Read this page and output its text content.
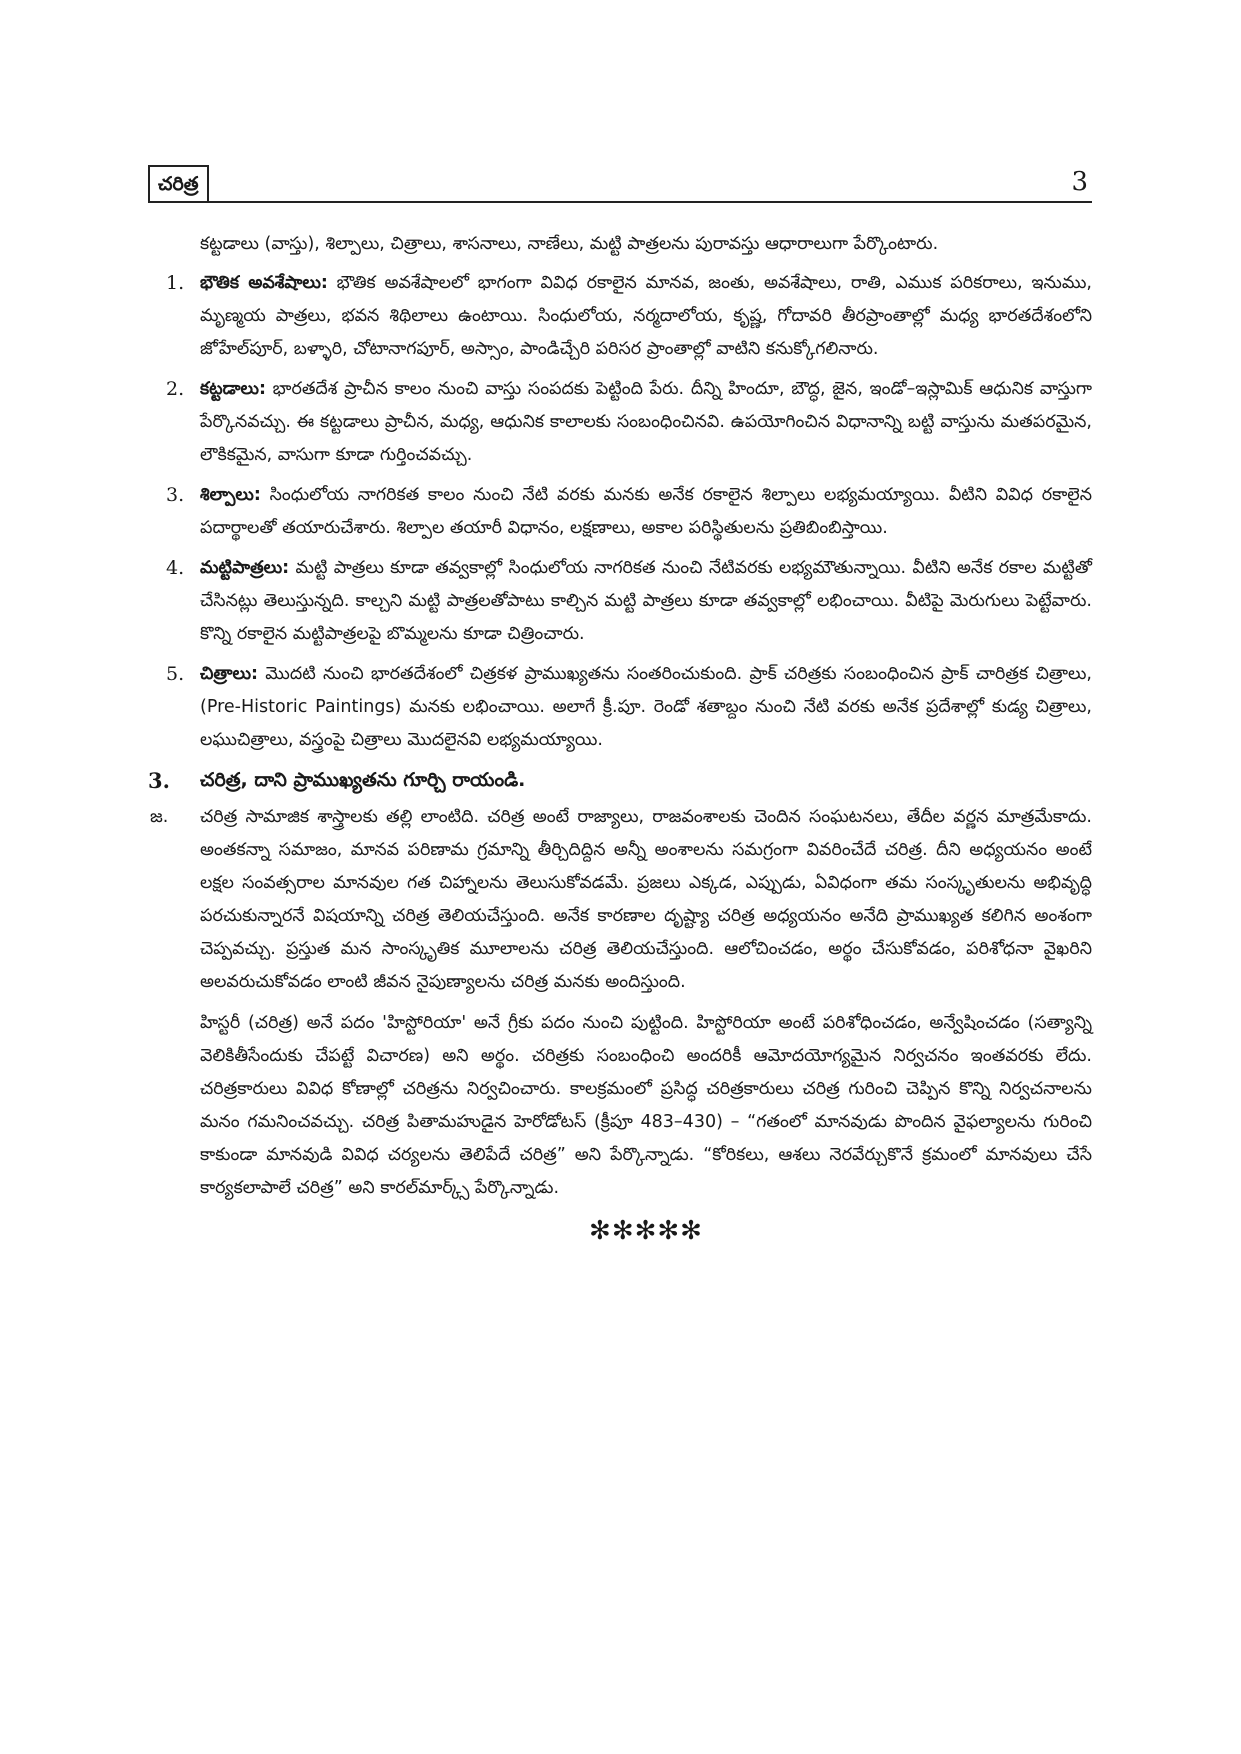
చరిత్ర	3

కట్టడాలు (వాస్తు), శిల్పాలు, చిత్రాలు, శాసనాలు, నాణేలు, మట్టి పాత్రలను పురావస్తు ఆధారాలుగా పేర్కొంటారు.

1. భౌతిక అవశేషాలు: భౌతిక అవశేషాలలో భాగంగా వివిధ రకాలైన మానవ, జంతు, అవశేషాలు, రాతి, ఎముక పరికరాలు, ఇనుము, మృణ్మయ పాత్రలు, భవన శిథిలాలు ఉంటాయి. సింధులోయ, నర్మదాలోయ, కృష్ణ, గోదావరి తీరప్రాంతాల్లో మధ్య భారతదేశంలోని జోహేల్‌పూర్, బళ్ళారి, చోటానాగపూర్, అస్సాం, పాండిచ్చేరి పరిసర ప్రాంతాల్లో వాటిని కనుక్కోగలినారు.

2. కట్టడాలు: భారతదేశ ప్రాచీన కాలం నుంచి వాస్తు సంపదకు పెట్టింది పేరు. దీన్ని హిందూ, బౌద్ధ, జైన, ఇండో–ఇస్లామిక్ ఆధునిక వాస్తుగా పేర్కొనవచ్చు. ఈ కట్టడాలు ప్రాచీన, మధ్య, ఆధునిక కాలాలకు సంబంధించినవి. ఉపయోగించిన విధానాన్ని బట్టి వాస్తును మతపరమైన, లౌకికమైన, వాసుగా కూడా గుర్తించవచ్చు.

3. శిల్పాలు: సింధులోయ నాగరికత కాలం నుంచి నేటి వరకు మనకు అనేక రకాలైన శిల్పాలు లభ్యమయ్యాయి. వీటిని వివిధ రకాలైన పదార్థాలతో తయారుచేశారు. శిల్పాల తయారీ విధానం, లక్షణాలు, అకాల పరిస్థితులను ప్రతిబింబిస్తాయి.

4. మట్టిపాత్రలు: మట్టి పాత్రలు కూడా తవ్వకాల్లో సింధులోయ నాగరికత నుంచి నేటివరకు లభ్యమౌతున్నాయి. వీటిని అనేక రకాల మట్టితో చేసినట్లు తెలుస్తున్నది. కాల్చని మట్టి పాత్రలతోపాటు కాల్చిన మట్టి పాత్రలు కూడా తవ్వకాల్లో లభించాయి. వీటిపై మెరుగులు పెట్టేవారు. కొన్ని రకాలైన మట్టిపాత్రలపై బొమ్మలను కూడా చిత్రించారు.

5. చిత్రాలు: మొదటి నుంచి భారతదేశంలో చిత్రకళ ప్రాముఖ్యతను సంతరించుకుంది. ప్రాక్ చరిత్రకు సంబంధించిన ప్రాక్ చారిత్రక చిత్రాలు, (Pre-Historic Paintings) మనకు లభించాయి. అలాగే క్రీ.పూ. రెండో శతాబ్దం నుంచి నేటి వరకు అనేక ప్రదేశాల్లో కుడ్య చిత్రాలు, లఘుచిత్రాలు, వస్త్రంపై చిత్రాలు మొదలైనవి లభ్యమయ్యాయి.

3. చరిత్ర, దాని ప్రాముఖ్యతను గూర్చి రాయండి.
జ. చరిత్ర సామాజిక శాస్త్రాలకు తల్లి లాంటిది. చరిత్ర అంటే రాజ్యాలు, రాజవంశాలకు చెందిన సంఘటనలు, తేదీల వర్ణన మాత్రమేకాదు. అంతకన్నా సమాజం, మానవ పరిణామ గ్రమాన్ని తీర్చిదిద్దిన అన్నీ అంశాలను సమగ్రంగా వివరించేదే చరిత్ర. దీని అధ్యయనం అంటే లక్షల సంవత్సరాల మానవుల గత చిహ్నాలను తెలుసుకోవడమే. ప్రజలు ఎక్కడ, ఎప్పుడు, ఏవిధంగా తమ సంస్కృతులను అభివృద్ధి పరచుకున్నారనే విషయాన్ని చరిత్ర తెలియచేస్తుంది. అనేక కారణాల దృష్ట్యా చరిత్ర అధ్యయనం అనేది ప్రాముఖ్యత కలిగిన అంశంగా చెప్పవచ్చు. ప్రస్తుత మన సాంస్కృతిక మూలాలను చరిత్ర తెలియచేస్తుంది. ఆలోచించడం, అర్థం చేసుకోవడం, పరిశోధనా వైఖరిని అలవరుచుకోవడం లాంటి జీవన నైపుణ్యాలను చరిత్ర మనకు అందిస్తుంది.

హిస్టరీ (చరిత్ర) అనే పదం 'హిస్టోరియా' అనే గ్రీకు పదం నుంచి పుట్టింది. హిస్టోరియా అంటే పరిశోధించడం, అన్వేషించడం (సత్యాన్ని వెలికితీసేందుకు చేపట్టే విచారణ) అని అర్థం. చరిత్రకు సంబంధించి అందరికీ ఆమోదయోగ్యమైన నిర్వచనం ఇంతవరకు లేదు. చరిత్రకారులు వివిధ కోణాల్లో చరిత్రను నిర్వచించారు. కాలక్రమంలో ప్రసిద్ధ చరిత్రకారులు చరిత్ర గురించి చెప్పిన కొన్ని నిర్వచనాలను మనం గమనించవచ్చు. చరిత్ర పితామహుడైన హెరోడోటస్ (క్రీపూ 483–430) – “గతంలో మానవుడు పొందిన వైఫల్యాలను గురించి కాకుండా మానవుడి వివిధ చర్యలను తెలిపేదే చరిత్ర” అని పేర్కొన్నాడు. “కోరికలు, ఆశలు నెరవేర్చుకొనే క్రమంలో మానవులు చేసే కార్యకలాపాలే చరిత్ర” అని కారల్‌మార్క్స్ పేర్కొన్నాడు.

✻✻✻✻✻
